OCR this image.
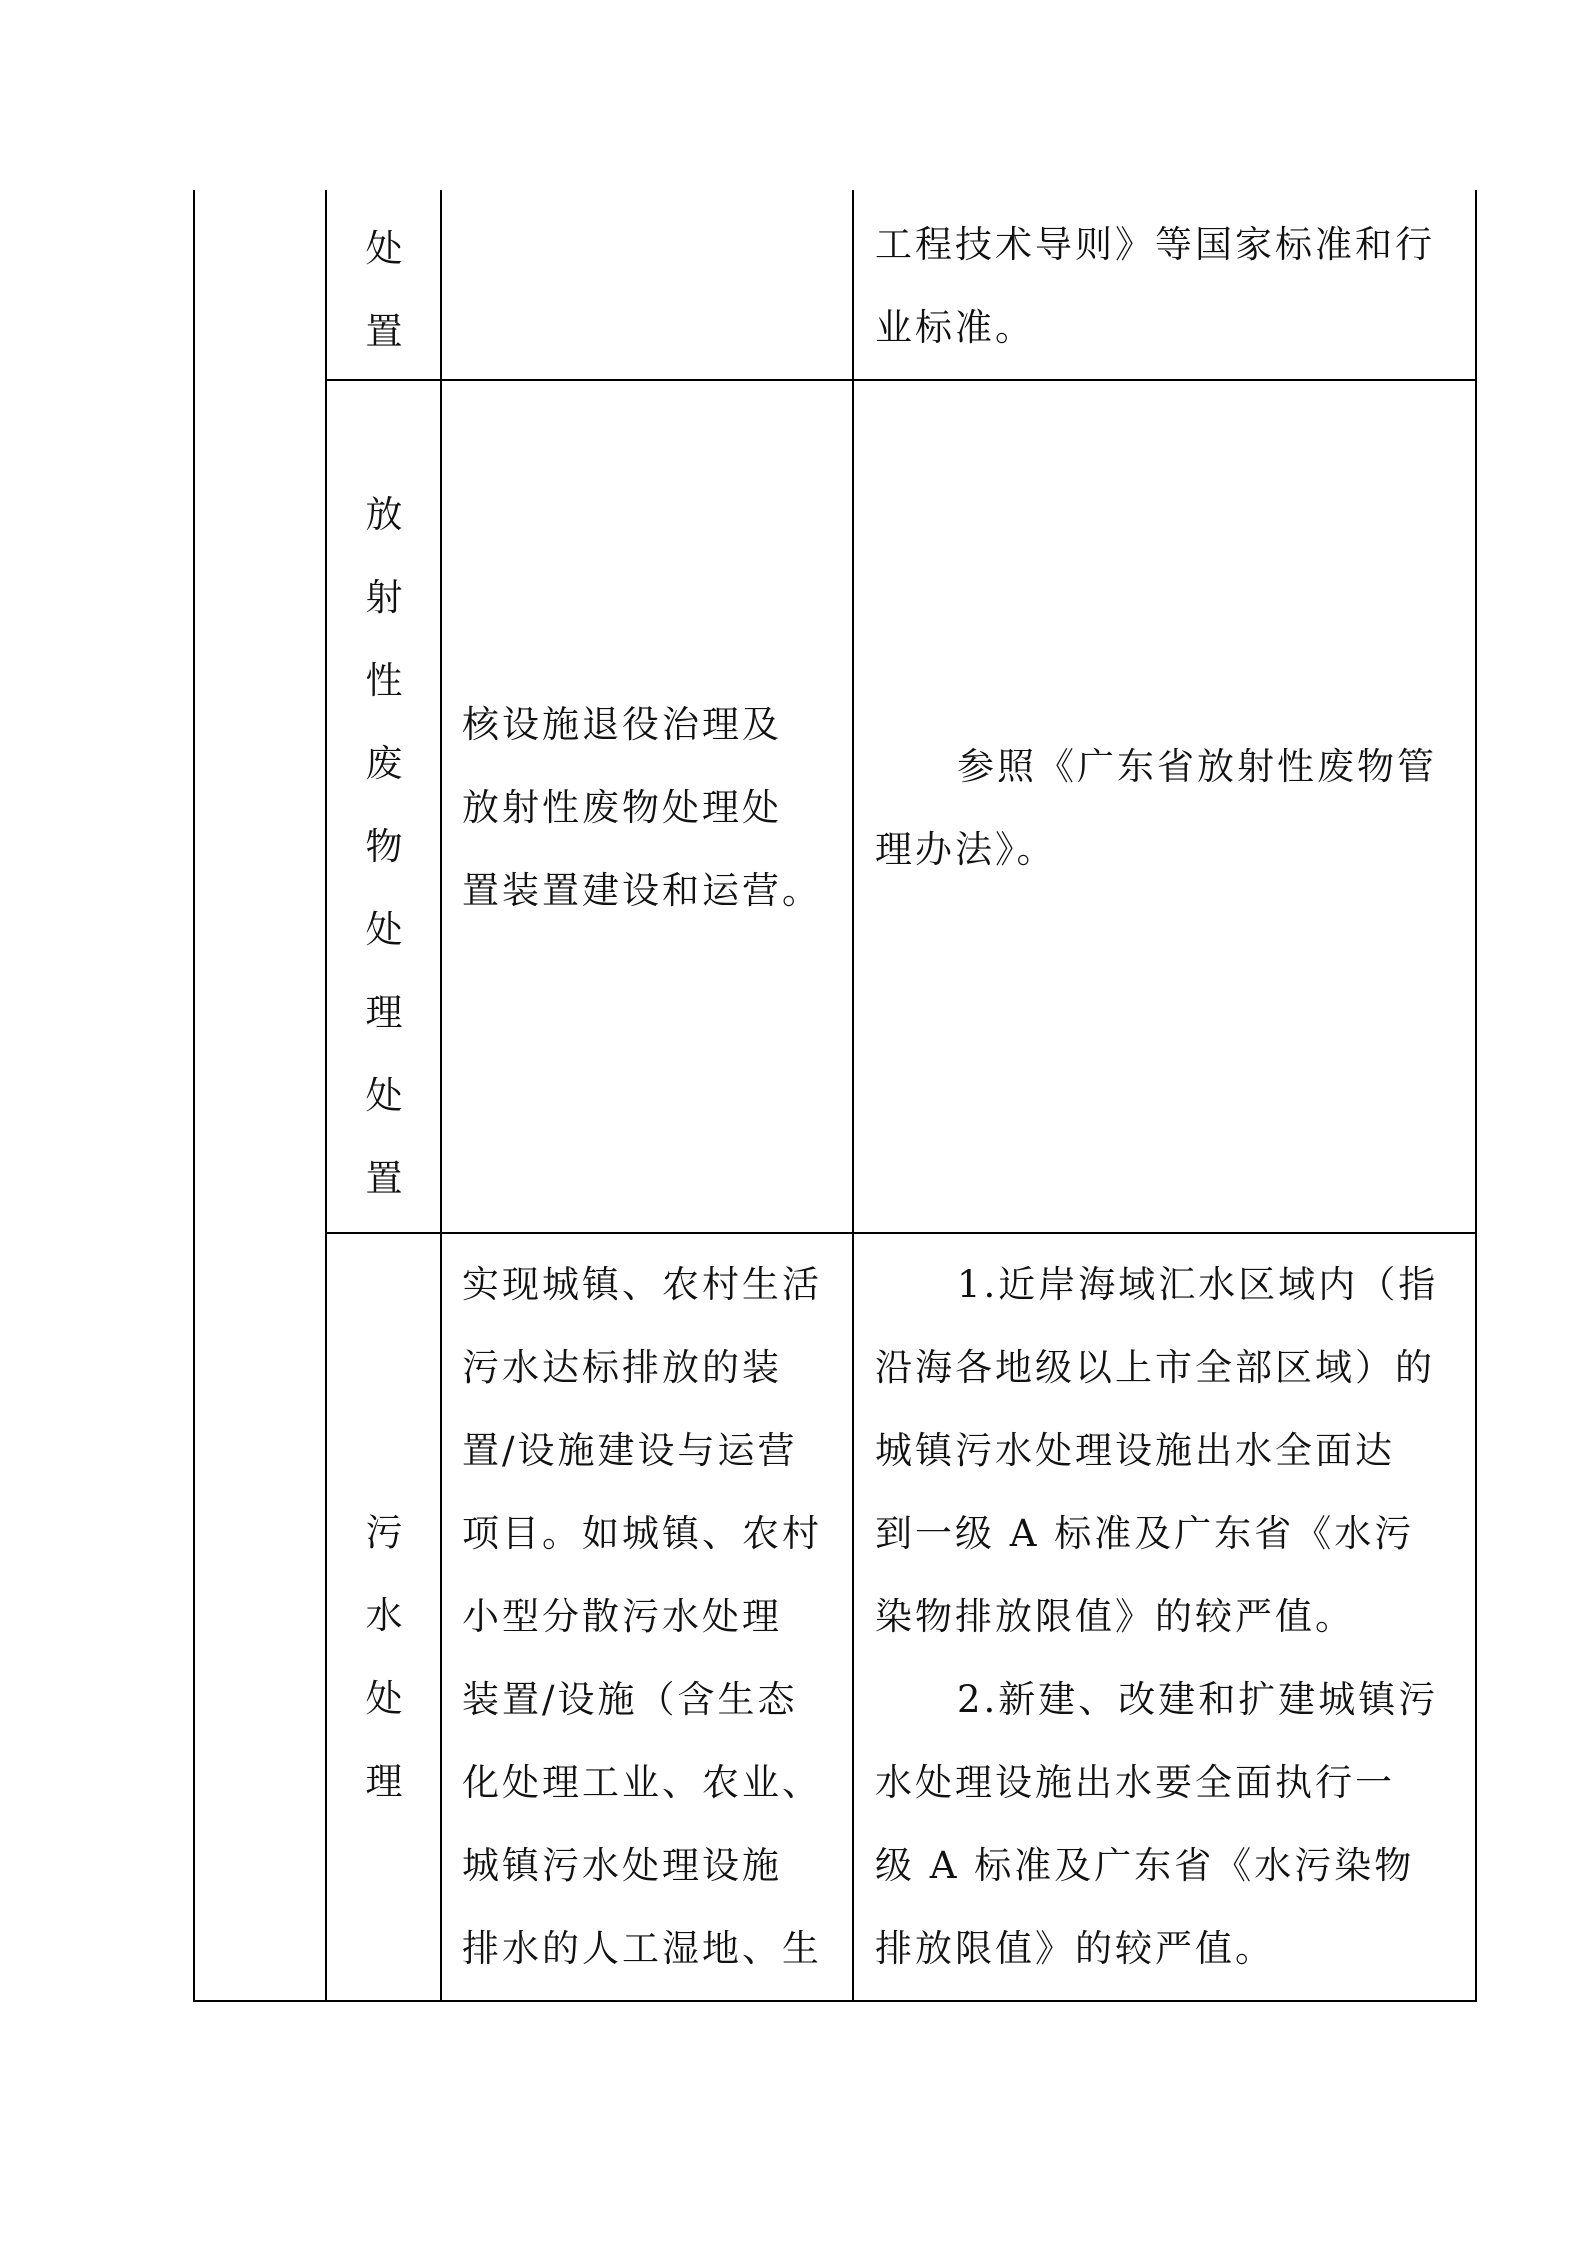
处
置

工程技术导则》等国家标准和行

业标准。

放
射
性
废
物
处
理
处
置

核设施退役治理及

放射性废物处理处

置装置建设和运营。

参照《广东省放射性废物管

理办法》。

污
水
处
理

实现城镇、农村生活

污水达标排放的装

置/设施建设与运营

项目。如城镇、农村

小型分散污水处理

装置/设施（含生态

化处理工业、农业、

城镇污水处理设施

排水的人工湿地、生

1.近岸海域汇水区域内（指

沿海各地级以上市全部区域）的

城镇污水处理设施出水全面达

到一级 A 标准及广东省《水污

染物排放限值》的较严值。

2.新建、改建和扩建城镇污

水处理设施出水要全面执行一

级 A 标准及广东省《水污染物

排放限值》的较严值。
